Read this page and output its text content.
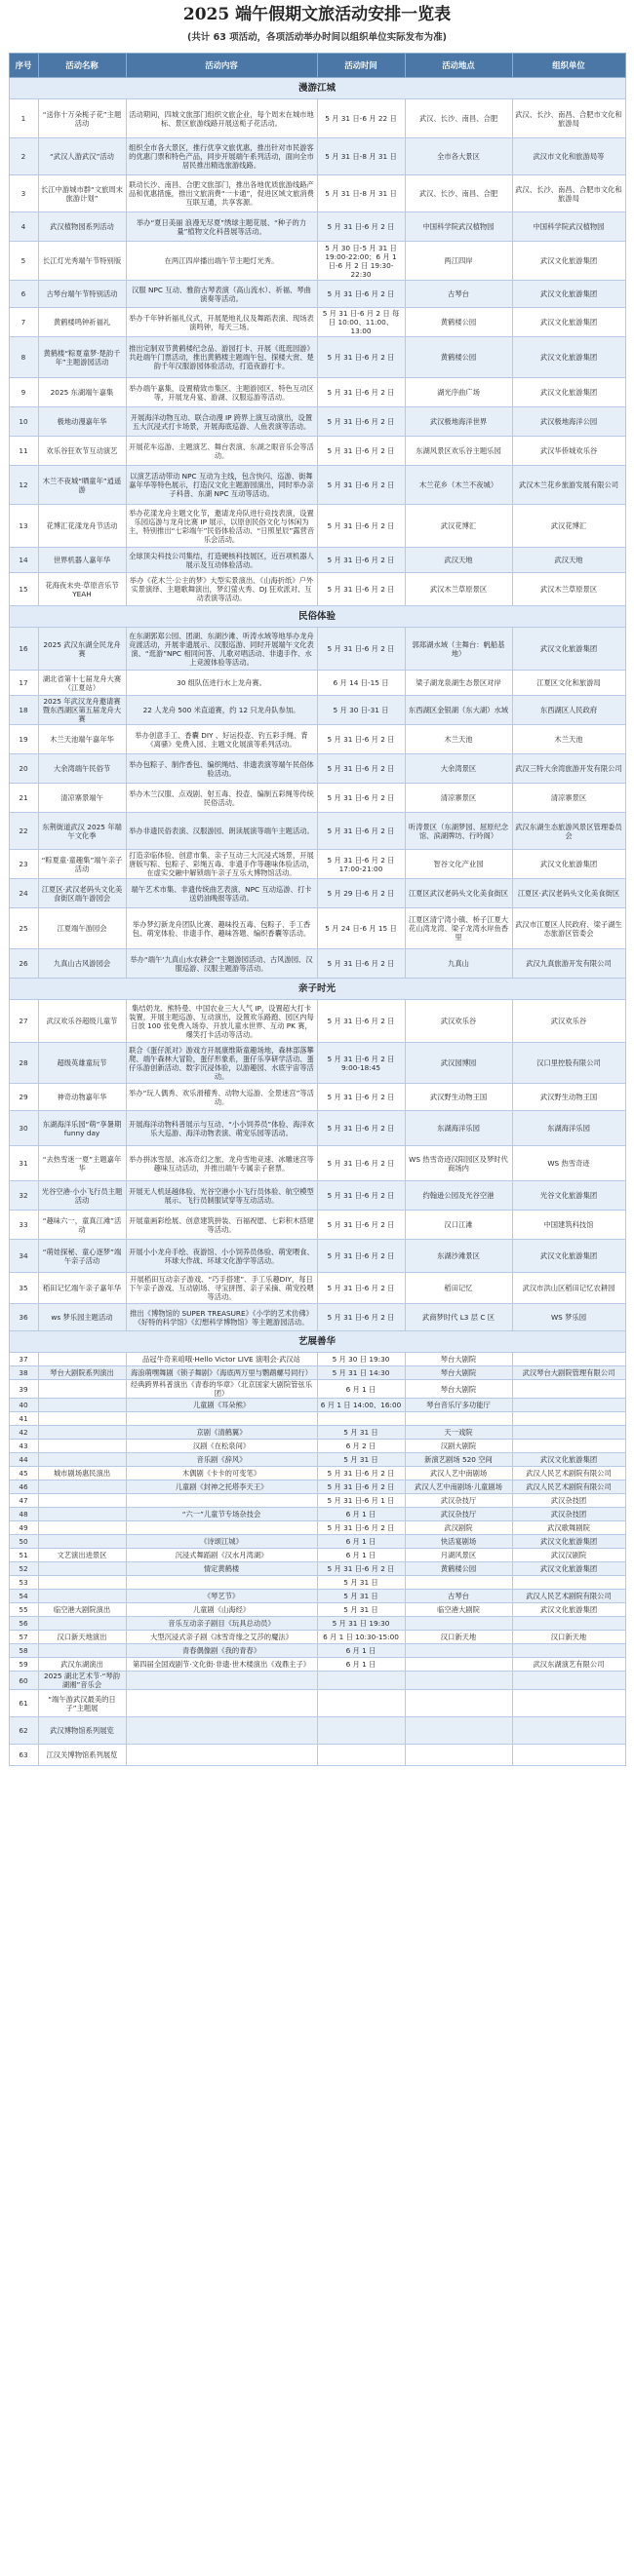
2025 端午假期文旅活动安排一览表
(共计 63 项活动，各项活动举办时间以组织单位实际发布为准)
序号	活动名称	活动内容	活动时间	活动地点	组织单位
漫游江城					
1	“送你十万朵栀子花”主题活动	活动期间，四城文旅部门组织文旅企业，每个周末在城市地标、景区旅游线路开展送栀子花活动。	5 月 31 日-6 月 22 日	武汉、长沙、南昌、合肥	武汉、长沙、南昌、合肥市文化和旅游局
2	“武汉人游武汉”活动	组织全市各大景区，推行优享文旅优惠，推出针对市民游客的优惠门票和特色产品，同步开展端午系列活动，面向全市居民推出精选旅游线路。	5 月 31 日-8 月 31 日	全市各大景区	武汉市文化和旅游局等
3	长江中游城市群“文旅周末旅游计划”	联动长沙、南昌、合肥文旅部门，推出各地优质旅游线路产品和优惠措施，推出文旅消费“一卡通”，促进区域文旅消费互联互通，共享客源。	5 月 31 日-8 月 31 日	武汉、长沙、南昌、合肥	武汉、长沙、南昌、合肥市文化和旅游局
4	武汉植物园系列活动	举办“夏日美丽 浪漫无尽夏”绣球主题花展、“种子的力量”植物文化科普展等活动。	5 月 31 日-6 月 2 日	中国科学院武汉植物园	中国科学院武汉植物园
5	长江灯光秀端午节特别版	在两江四岸播出端午节主题灯光秀。	5 月 30 日-5 月 31 日 19:00-22:00；6 月 1 日-6 月 2 日 19:30-22:30	两江四岸	武汉文化旅游集团
6	古琴台端午节特别活动	汉服 NPC 互动、雅韵古琴表演（高山流水）、祈福、琴曲演奏等活动。	5 月 31 日-6 月 2 日	古琴台	武汉文化旅游集团
7	黄鹤楼鸣钟祈福礼	举办千年钟祈福礼仪式，开展楚地礼仪及舞蹈表演、现场表演鸣钟，每天三场。	5 月 31 日-6 月 2 日 每日 10:00、11:00、13:00	黄鹤楼公园	武汉文化旅游集团
8	黄鹤楼“粽夏童梦·楚韵千年”主题游园活动	推出定制双节黄鹤楼纪念品、游园打卡、开展《逛逛园游》共赴端午门票活动，推出黄鹤楼主题端午包、探楼大赏、楚韵千年汉服游园体验活动，打造夜游打卡。	5 月 31 日-6 月 2 日	黄鹤楼公园	武汉文化旅游集团
9	2025 东湖端午嘉集	举办端午嘉集，设置精致市集区、主题游园区、特色互动区等，开展龙舟宴、游湖、汉服巡游等活动。	5 月 31 日-6 月 2 日	湖光序曲广场	武汉文化旅游集团
10	极地动漫嘉年华	开展海洋动物互动、联合动漫 IP 跨界上演互动演出，设置五大沉浸式打卡场景，开展海底巡游、人鱼表演等活动。	5 月 31 日-6 月 2 日	武汉极地海洋世界	武汉极地海洋公园
11	欢乐谷狂欢节互动演艺	开展花车巡游、主题演艺、舞台表演、东湖之眼音乐会等活动。	5 月 31 日-6 月 2 日	东湖风景区欢乐谷主题乐园	武汉华侨城欢乐谷
12	木兰不夜城“晒童年”逍遥游	以演艺活动带动 NPC 互动为主线，包含快闪、巡游、街舞嘉年华等特色展示，打造汉文化主题游园演出，同时举办亲子科普、东湖 NPC 互动等活动。	5 月 31 日-6 月 2 日	木兰花乡（木兰不夜城）	武汉木兰花乡旅游发展有限公司
13	花博汇花漾龙舟节活动	举办花漾龙舟主题文化节，邀请龙舟队进行竞技表演，设置乐园巡游与龙舟比赛 IP 展示，以原创民俗文化与休闲为主，特别推出“七彩端午”民俗体验活动、“日照星辰”露营音乐会活动。	5 月 31 日-6 月 2 日	武汉花博汇	武汉花博汇
14	世界机器人嘉年华	全球顶尖科技公司集结，打造硬核科技展区，近百项机器人展示及互动体验活动。	5 月 31 日-6 月 2 日	武汉天地	武汉天地
15	花海夜未央·草原音乐节YEAH	举办《花木兰·公主的梦》大型实景演出、《山海折纸》户外实景演绎、主题歌舞演出，梦幻萤火秀、DJ 狂欢派对、互动表演等活动。	5 月 31 日-6 月 2 日	武汉木兰草原景区	武汉木兰草原景区
民俗体验					
16	2025 武汉东湖全民龙舟赛	在东湖郭郑公园、团湖、东湖沙滩、听涛水域等地举办龙舟竞渡活动，开展非遗展示、汉服巡游、同时开展端午文化表演、“逛游”NPC 相同问答、儿歌对唱活动、非遗手作、水上竞渡体验等活动。	5 月 31 日-6 月 2 日	郭郑湖水域（主舞台：帆船基地）	武汉文化旅游集团
17	湖北省第十七届龙舟大赛（江夏站）	30 组队伍进行水上龙舟赛。	6 月 14 日-15 日	梁子湖龙泉湖生态景区对岸	江夏区文化和旅游局
18	2025 年武汉龙舟邀请赛暨东西湖区第五届龙舟大赛	22 人龙舟 500 米直道赛，约 12 只龙舟队参加。	5 月 30 日-31 日	东西湖区金银湖（东大湖）水域	东西湖区人民政府
19	木兰天池端午嘉年华	举办创意手工、香囊 DIY 、好运投壶、钓五彩手绳、背《离骚》免费入园、主题文化展演等系列活动。	5 月 31 日-6 月 2 日	木兰天池	木兰天池
20	大余湾端午民俗节	举办包粽子、制作香包、编织绳结、非遗表演等端午民俗体验活动。	5 月 31 日-6 月 2 日	大余湾景区	武汉三特大余湾旅游开发有限公司
21	清凉寨景端午	举办木兰汉服、点戏剧、射五毒、投壶、编制五彩绳等传统民俗活动。	5 月 31 日-6 月 2 日	清凉寨景区	清凉寨景区
22	东荆街道武汉 2025 年端午文化季	举办非遗民俗表演、汉服游园、朗读展演等端午主题活动。	5 月 31 日-6 月 2 日	听涛景区（东湖梦园、屈原纪念馆、滨湖牌坊、行吟阁）	武汉东湖生态旅游风景区管理委员会
23	“粽夏童·童趣集”端午亲子活动	打造亲临体验、创意市集、亲子互动三大沉浸式场景，开展唐版写粽、包粽子、彩绳五毒、非遗手作等趣味体验活动，在虚实交融中解锁端午亲子互乐大博物馆活动。	5 月 31 日-6 月 2 日 17:00-21:00	智谷文化产业园	武汉文化旅游集团
24	江夏区·武汉老码头文化美食街区端午游园会	端午艺术市集、非遗传统曲艺表演、NPC 互动巡游、打卡送奶油晚报等活动。	5 月 29 日-6 月 2 日	江夏区武汉老码头文化美食街区	江夏区·武汉老码头文化美食街区
25	江夏端午游园会	举办梦幻新龙舟团队比赛、趣味投五毒、包粽子、手工香包、萌宠体验、非遗手作、趣味答题、编织香囊等活动。	5 月 24 日-6 月 15 日	江夏区清宁湾小镇、桥子江夏大花山湾龙湾、梁子龙湾水岸鱼香里	武汉市江夏区人民政府、梁子湖生态旅游区管委会
26	九真山古风游园会	举办“端午‘九真山水农耕会’”主题游园活动、古风游园、汉服巡游、汉服主题游等活动。	5 月 31 日-6 月 2 日	九真山	武汉九真旅游开发有限公司
亲子时光					
27	武汉欢乐谷超级儿童节	集结奶龙、熊特曼、中国农业三大人气 IP，设置超大打卡装置，开展主题巡游、互动演出，设置欢乐路跑、园区内每日放 100 张免费入场券、开放儿童水世界、互动 PK 赛，爆笑打卡活动等活动。	5 月 31 日-6 月 2 日	武汉欢乐谷	武汉欢乐谷
28	超级英雄童玩节	联合《蛋仔派对》游戏方开展康维斯童趣场地，森林部落攀爬、端午森林大冒险，蛋仔形象系，蛋仔乐享研学活动、蛋仔乐游创新活动、数字沉浸体验，以游趣园、水底宇宙等活动。	5 月 31 日-6 月 2 日 9:00-18:45	武汉园博园	汉口里控股有限公司
29	神奇动物嘉年华	举办“玩人偶秀、欢乐滑稽秀、动物大巡游、全景迷宫”等活动。	5 月 31 日-6 月 2 日	武汉野生动物王国	武汉野生动物王国
30	东湖海洋乐园“萌”享暑期 funny day	开展海洋动物科普展示与互动、“小小饲养员”体验、海洋欢乐大巡游、海洋动物表演、萌宠乐园等活动。	5 月 31 日-6 月 2 日	东湖海洋乐园	东湖海洋乐园
31	“去热雪迷一夏”主题嘉年华	举办拼冰雪屋、冰冻奇幻之旅、龙舟雪地竞速、冰雕迷宫等趣味互动活动，并推出端午专属亲子套票。	5 月 31 日-6 月 2 日	WS 热雪奇迹汉阳园区及梦时代商场内	WS 热雪奇迹
32	光谷空港·小小飞行员主题活动	开展无人机延越体验、光谷空港小小飞行员体验、航空模型展示、飞行员制服试穿等互动活动。	5 月 31 日-6 月 2 日	约翰逊公园及光谷空港	光谷文化旅游集团
33	“趣味六一，童真江滩”活动	开展童画彩绘展、创意建筑拼装、百福祝愿、七彩积木搭建等活动。	5 月 31 日-6 月 2 日	汉口江滩	中国建筑科技馆
34	“萌娃探秘、童心逐梦”端午亲子活动	开展小小龙舟手绘、夜游馆、小小饲养员体验、萌宠喂食、环球大作战、环球文化游学等活动。	5 月 31 日-6 月 2 日	东湖沙滩景区	武汉文化旅游集团
35	稻田记忆端午亲子嘉年华	开展稻田互动亲子游戏、“巧手搭建”、手工乐趣DIY，每日下午亲子游戏、互动剧场、寻宝拼图、亲子采摘、萌宠投喂等活动。	5 月 31 日-6 月 2 日	稻田记忆	武汉市洪山区稻田记忆农耕园
36	ws 梦乐园主题活动	推出《博物馆的 SUPER TREASURE》《小学的艺术仿佛》《好特的科学馆》《幻想科学博物馆》等主题游园活动。	5 月 31 日-6 月 2 日	武商梦时代 L3 层 C 区	WS 梦乐园
艺展善华					
37		品冠牛奇来咱哦·Hello Victor LIVE 演唱会·武汉站	5 月 30 日 19:30	琴台大剧院	
38	琴台大剧院系列演出	海浪萌嘿舞剧《锁子舞剧》（海底两万里与鹦鹉螺号同行）	5 月 31 日 14:30	琴台大剧院	武汉琴台大剧院管理有限公司
39		经典跨界科普演出《青春的华章》（北京国家大剧院管弦乐团）	6 月 1 日	琴台大剧院	
40		儿童剧《耳朵熊》	6 月 1 日 14:00、16:00	琴台音乐厅多功能厅	
41					
42		京剧《清鹤翼》	5 月 31 日	天一戏院	
43		汉剧《在松泉间》	6 月 2 日	汉剧大剧院	
44		音乐剧《辞风》	5 月 31 日	新演艺剧场 520 空间	武汉文化旅游集团
45	城市剧场惠民演出	木偶剧《卡卡的可变笔》	5 月 31 日-6 月 2 日	武汉人艺中南剧场	武汉人民艺术剧院有限公司
46		儿童剧《封神之托塔李天王》	5 月 31 日-6 月 2 日	武汉人艺中南剧场·儿童剧场	武汉人民艺术剧院有限公司
47			5 月 31 日-6 月 1 日	武汉杂技厅	武汉杂技团
48		“六一”儿童节专场杂技会	6 月 1 日	武汉杂技厅	武汉杂技团
49			5 月 31 日-6 月 2 日	武汉剧院	武汉歌舞剧院
50		《诗颂江城》	6 月 1 日	快活宴剧场	武汉文化旅游集团
51	文艺演出进景区	沉浸式舞蹈剧《汉水月湾湖》	6 月 1 日	月湖风景区	武汉汉剧院
52		情定黄鹤楼	5 月 31 日-6 月 2 日	黄鹤楼公园	武汉文化旅游集团
53			5 月 31 日		
54		《琴艺节》	5 月 31 日	古琴台	武汉人民艺术剧院有限公司
55	临空港大剧院演出	儿童剧《山海经》	5 月 31 日	临空港大剧院	武汉文化旅游集团
56		音乐互动亲子剧目《玩具总动员》	5 月 31 日 19:30		
57	汉口新天地演出	大型沉浸式亲子剧《冰雪奇缘之艾莎的魔法》	6 月 1 日 10:30-15:00	汉口新天地	汉口新天地
58		青春偶像剧《我的青春》	6 月 1 日		
59	武汉东湖演出	第四届全国戏剧节·文化街·非遗·世木楼演出《戏鼎主子》	6 月 1 日		武汉东湖演艺有限公司
60	2025 湖北艺术节·“琴韵湖湘”音乐会				
61	“端午游武汉最美的日子”主题展				
62	武汉博物馆系列展览				
63	江汉关博物馆系列展览				
